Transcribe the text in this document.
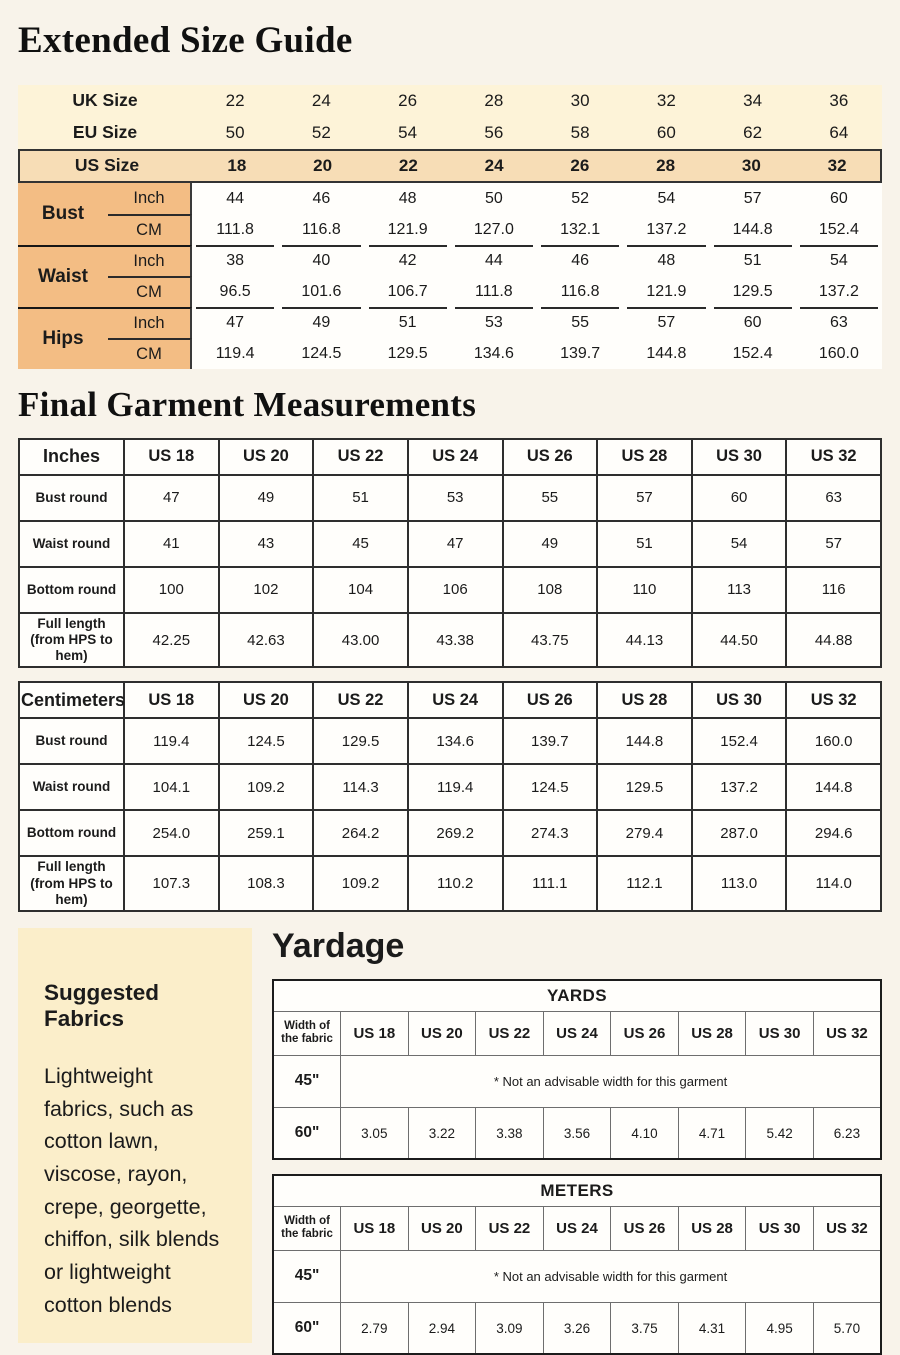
Extended Size Guide
UK Size	22	24	26	28	30	32	34	36
EU Size	50	52	54	56	58	60	62	64
US Size	18	20	22	24	26	28	30	32
Bust
Inch	44	46	48	50	52	54	57	60
CM	111.8	116.8	121.9	127.0	132.1	137.2	144.8	152.4
Waist
Inch	38	40	42	44	46	48	51	54
CM	96.5	101.6	106.7	111.8	116.8	121.9	129.5	137.2
Hips
Inch	47	49	51	53	55	57	60	63
CM	119.4	124.5	129.5	134.6	139.7	144.8	152.4	160.0
Final Garment Measurements
Inches	US 18	US 20	US 22	US 24	US 26	US 28	US 30	US 32
Bust round	47	49	51	53	55	57	60	63
Waist round	41	43	45	47	49	51	54	57
Bottom round	100	102	104	106	108	110	113	116
Full length (from HPS to hem)	42.25	42.63	43.00	43.38	43.75	44.13	44.50	44.88
Centimeters	US 18	US 20	US 22	US 24	US 26	US 28	US 30	US 32
Bust round	119.4	124.5	129.5	134.6	139.7	144.8	152.4	160.0
Waist round	104.1	109.2	114.3	119.4	124.5	129.5	137.2	144.8
Bottom round	254.0	259.1	264.2	269.2	274.3	279.4	287.0	294.6
Full length (from HPS to hem)	107.3	108.3	109.2	110.2	111.1	112.1	113.0	114.0
Suggested Fabrics

Lightweight fabrics, such as cotton lawn, viscose, rayon, crepe, georgette, chiffon, silk blends or lightweight cotton blends

Yardage
YARDS								
Width of the fabric	US 18	US 20	US 22	US 24	US 26	US 28	US 30	US 32
45"	* Not an advisable width for this garment							
60"	3.05	3.22	3.38	3.56	4.10	4.71	5.42	6.23
METERS								
Width of the fabric	US 18	US 20	US 22	US 24	US 26	US 28	US 30	US 32
45"	* Not an advisable width for this garment							
60"	2.79	2.94	3.09	3.26	3.75	4.31	4.95	5.70
